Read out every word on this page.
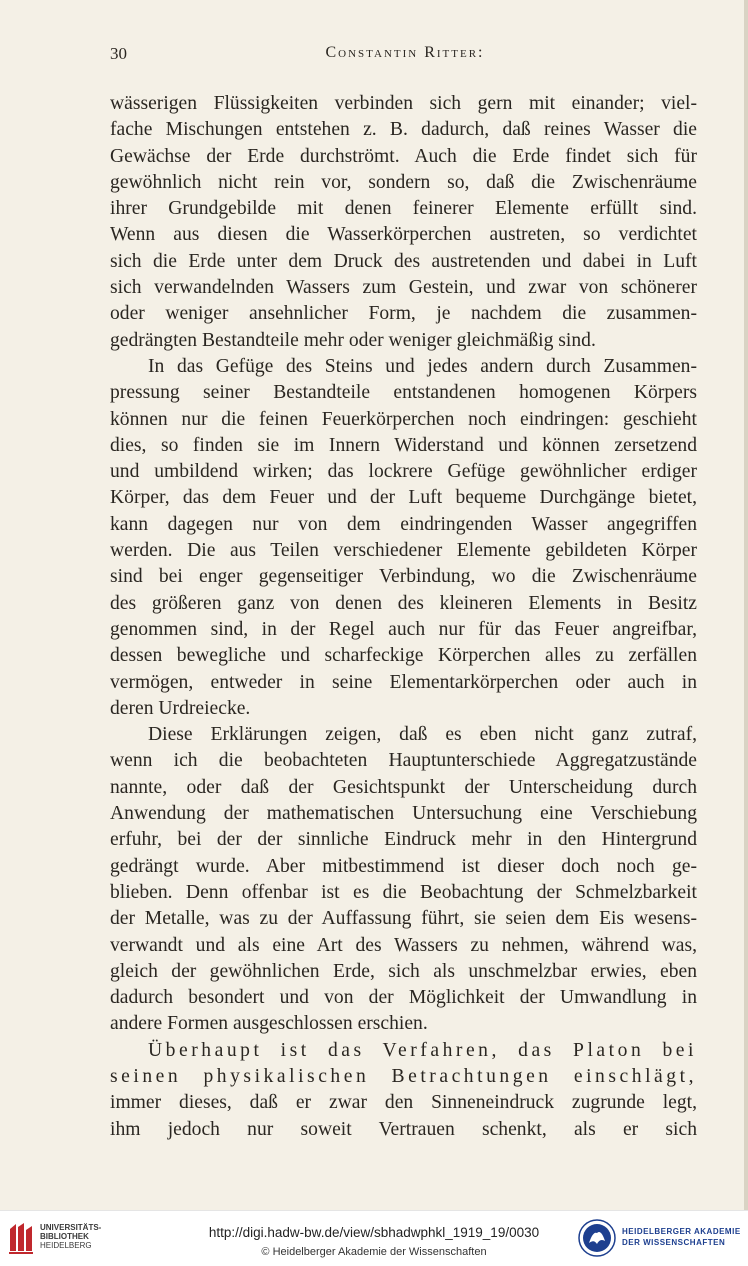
30	Constantin Ritter:
wässerigen Flüssigkeiten verbinden sich gern mit einander; viel-
fache Mischungen entstehen z. B. dadurch, daß reines Wasser die
Gewächse der Erde durchströmt. Auch die Erde findet sich für
gewöhnlich nicht rein vor, sondern so, daß die Zwischenräume
ihrer Grundgebilde mit denen feinerer Elemente erfüllt sind.
Wenn aus diesen die Wasserkörperchen austreten, so verdichtet
sich die Erde unter dem Druck des austretenden und dabei in Luft
sich verwandelnden Wassers zum Gestein, und zwar von schönerer
oder weniger ansehnlicher Form, je nachdem die zusammen-
gedrängten Bestandteile mehr oder weniger gleichmäßig sind.
In das Gefüge des Steins und jedes andern durch Zusammen-
pressung seiner Bestandteile entstandenen homogenen Körpers
können nur die feinen Feuerkörperchen noch eindringen: geschieht
dies, so finden sie im Innern Widerstand und können zersetzend
und umbildend wirken; das lockrere Gefüge gewöhnlicher erdiger
Körper, das dem Feuer und der Luft bequeme Durchgänge bietet,
kann dagegen nur von dem eindringenden Wasser angegriffen
werden. Die aus Teilen verschiedener Elemente gebildeten Körper
sind bei enger gegenseitiger Verbindung, wo die Zwischenräume
des größeren ganz von denen des kleineren Elements in Besitz
genommen sind, in der Regel auch nur für das Feuer angreifbar,
dessen bewegliche und scharfeckige Körperchen alles zu zerfällen
vermögen, entweder in seine Elementarkörperchen oder auch in
deren Urdreiecke.
Diese Erklärungen zeigen, daß es eben nicht ganz zutraf,
wenn ich die beobachteten Hauptunterschiede Aggregatzustände
nannte, oder daß der Gesichtspunkt der Unterscheidung durch
Anwendung der mathematischen Untersuchung eine Verschiebung
erfuhr, bei der der sinnliche Eindruck mehr in den Hintergrund
gedrängt wurde. Aber mitbestimmend ist dieser doch noch ge-
blieben. Denn offenbar ist es die Beobachtung der Schmelzbarkeit
der Metalle, was zu der Auffassung führt, sie seien dem Eis wesens-
verwandt und als eine Art des Wassers zu nehmen, während was,
gleich der gewöhnlichen Erde, sich als unschmelzbar erwies, eben
dadurch besondert und von der Möglichkeit der Umwandlung in
andere Formen ausgeschlossen erschien.
Überhaupt ist das Verfahren, das Platon bei
seinen physikalischen Betrachtungen einschlägt,
immer dieses, daß er zwar den Sinneneindruck zugrunde legt,
ihm jedoch nur soweit Vertrauen schenkt, als er sich
UNIVERSITÄTS-
BIBLIOTHEK
HEIDELBERG
http://digi.hadw-bw.de/view/sbhadwphkl_1919_19/0030
© Heidelberger Akademie der Wissenschaften
HEIDELBERGER AKADEMIE
DER WISSENSCHAFTEN
